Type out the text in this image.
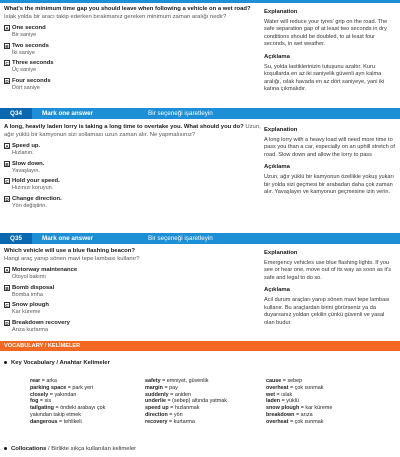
What's the minimum time gap you should leave when following a vehicle on a wet road? Islak yolda bir aracı takip ederken bırakmanız gereken minimum zaman aralığı nedir?
A One second
Bir saniye
B Two seconds
İki saniye
C Three seconds
Üç saniye
D Four seconds
Dört saniye
Explanation
Water will reduce your tyres' grip on the road. The safe separation gap of at least two seconds in dry conditions should be doubled, to at least four seconds, in wet weather.
Açıklama
Su, yolda lastiklerinizin tutuşunu azaltır. Kuru koşullarda en az iki saniyelik güvenli ayrı kalma aralığı, ıslak havada en az dört saniyeye, yani iki katına çıkmalıdır.
Q34	Mark one answer	Bir seçeneği işaretleyin
A long, heavily laden lorry is taking a long time to overtake you. What should you do? Uzun, ağır yüklü bir kamyonun sizi sollaması uzun zaman alır. Ne yapmalısınız?
A Speed up.
Hızlanın.
B Slow down.
Yavaşlayın.
C Hold your speed.
Hızınızı koruyun.
D Change direction.
Yön değiştirin.
Explanation
A long lorry with a heavy load will need more time to pass you than a car, especially on an uphill stretch of road. Slow down and allow the lorry to pass
Açıklama
Uzun, ağır yüklü bir kamyonun özellikle yokuş yukarı bir yolda sizi geçmesi bir arabadan daha çok zaman alır. Yavaşlayın ve kamyonun geçmesine izin verin.
Q35	Mark one answer	Bir seçeneği işaretleyin
Which vehicle will use a blue flashing beacon?
Hangi araç yanıp sönen mavi tepe lambası kullanır?
A Motorway maintenance
Otoyol bakımı
B Bomb disposal
Bomba imha
C Snow plough
Kar küreme
D Breakdown recovery
Arıza kurtarma
Explanation
Emergency vehicles use blue flashing lights. If you see or hear one, move out of its way as soon as it's safe and legal to do so.
Açıklama
Acil durum araçları yanıp sönen mavi tepe lambası kullanır. Bu araçlardan birini görürseniz ya da duyarsanız yoldan çekilin çünkü güvenli ve yasal olan budur.
VOCABULARY / KELİMELER
Key Vocabulary / Anahtar Kelimeler
rear = arka
parking space = park yeri
closely = yakından
fog = sis
tailgating = öndeki arabayı çok yakından takip etmek
dangerous = tehlikeli
safety = emniyet, güvenlik
margin = pay
suddenly = aniden
underlie = (sebep) altında yatmak
speed up = hızlanmak
direction = yön
recovery = kurtarma
cause = sebep
overheat = çok ısınmak
wet = ıslak
laden = yüklü
snow plough = kar küreme
breakdown = arıza
overheat = çok ısınmak
Collocations / Birlikte sıkça kullanılan kelimeler
